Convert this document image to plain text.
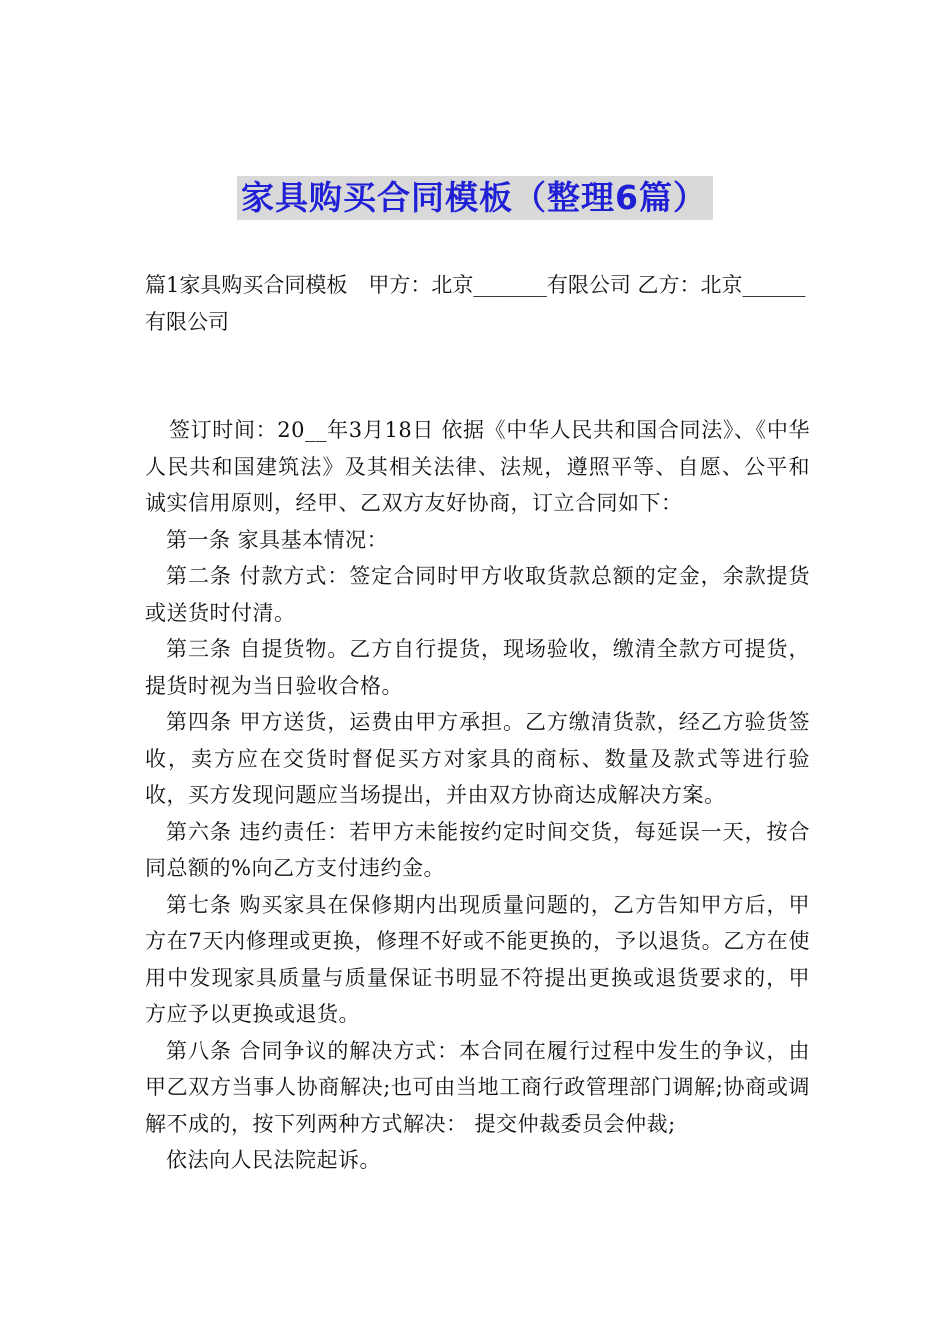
家具购买合同模板（整理6篇）
篇1家具购买合同模板　甲方：北京_______有限公司 乙方：北京______有限公司

签订时间：20__年3月18日 依据《中华人民共和国合同法》、《中华人民共和国建筑法》及其相关法律、法规，遵照平等、自愿、公平和诚实信用原则，经甲、乙双方友好协商，订立合同如下：

第一条 家具基本情况：

第二条 付款方式：签定合同时甲方收取货款总额的定金，余款提货或送货时付清。

第三条 自提货物。乙方自行提货，现场验收，缴清全款方可提货，提货时视为当日验收合格。

第四条 甲方送货，运费由甲方承担。乙方缴清货款，经乙方验货签收，卖方应在交货时督促买方对家具的商标、数量及款式等进行验收，买方发现问题应当场提出，并由双方协商达成解决方案。

第六条 违约责任：若甲方未能按约定时间交货，每延误一天，按合同总额的%向乙方支付违约金。

第七条 购买家具在保修期内出现质量问题的，乙方告知甲方后，甲方在7天内修理或更换，修理不好或不能更换的，予以退货。乙方在使用中发现家具质量与质量保证书明显不符提出更换或退货要求的，甲方应予以更换或退货。

第八条 合同争议的解决方式：本合同在履行过程中发生的争议，由甲乙双方当事人协商解决;也可由当地工商行政管理部门调解;协商或调解不成的，按下列两种方式解决： 提交仲裁委员会仲裁;

依法向人民法院起诉。
